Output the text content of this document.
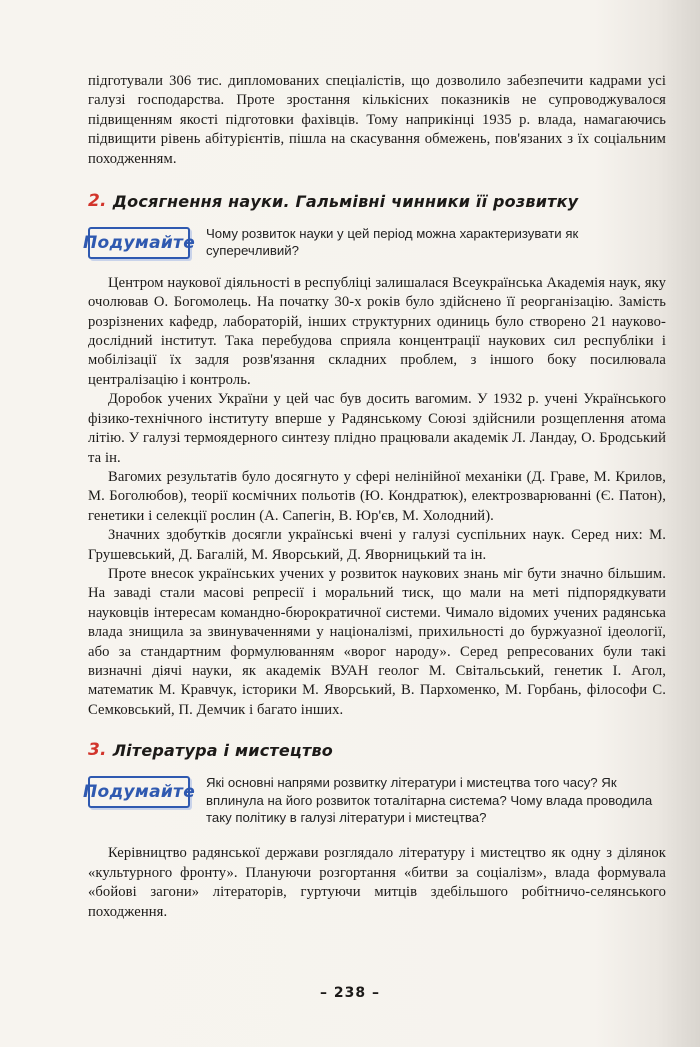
підготували 306 тис. дипломованих спеціалістів, що дозволило забезпечити кадрами усі галузі господарства. Проте зростання кількісних показників не супроводжувалося підвищенням якості підготовки фахівців. Тому наприкінці 1935 р. влада, намагаючись підвищити рівень абітурієнтів, пішла на скасування обмежень, пов'язаних з їх соціальним походженням.

2. Досягнення науки. Гальмівні чинники її розвитку
Подумайте Чому розвиток науки у цей період можна характеризувати як суперечливий?

Центром наукової діяльності в республіці залишалася Всеукраїнська Академія наук, яку очолював О. Богомолець. На початку 30-х років було здійснено її реорганізацію. Замість розрізнених кафедр, лабораторій, інших структурних одиниць було створено 21 науково-дослідний інститут. Така перебудова сприяла концентрації наукових сил республіки і мобілізації їх задля розв'язання складних проблем, з іншого боку посилювала централізацію і контроль.

Доробок учених України у цей час був досить вагомим. У 1932 р. учені Українського фізико-технічного інституту вперше у Радянському Союзі здійснили розщеплення атома літію. У галузі термоядерного синтезу плідно працювали академік Л. Ландау, О. Бродський та ін.

Вагомих результатів було досягнуто у сфері нелінійної механіки (Д. Граве, М. Крилов, М. Боголюбов), теорії космічних польотів (Ю. Кондратюк), електрозварюванні (Є. Патон), генетики і селекції рослин (А. Сапегін, В. Юр'єв, М. Холодний).

Значних здобутків досягли українські вчені у галузі суспільних наук. Серед них: М. Грушевський, Д. Багалій, М. Яворський, Д. Яворницький та ін.

Проте внесок українських учених у розвиток наукових знань міг бути значно більшим. На заваді стали масові репресії і моральний тиск, що мали на меті підпорядкувати науковців інтересам командно-бюрократичної системи. Чимало відомих учених радянська влада знищила за звинуваченнями у націоналізмі, прихильності до буржуазної ідеології, або за стандартним формулюванням «ворог народу». Серед репресованих були такі визначні діячі науки, як академік ВУАН геолог М. Світальський, генетик І. Агол, математик М. Кравчук, історики М. Яворський, В. Пархоменко, М. Горбань, філософи С. Семковський, П. Демчик і багато інших.

3. Література і мистецтво
Подумайте Які основні напрями розвитку літератури і мистецтва того часу? Як вплинула на його розвиток тоталітарна система? Чому влада проводила таку політику в галузі літератури і мистецтва?

Керівництво радянської держави розглядало літературу і мистецтво як одну з ділянок «культурного фронту». Плануючи розгортання «битви за соціалізм», влада формувала «бойові загони» літераторів, гуртуючи митців здебільшого робітничо-селянського походження.

– 238 –
